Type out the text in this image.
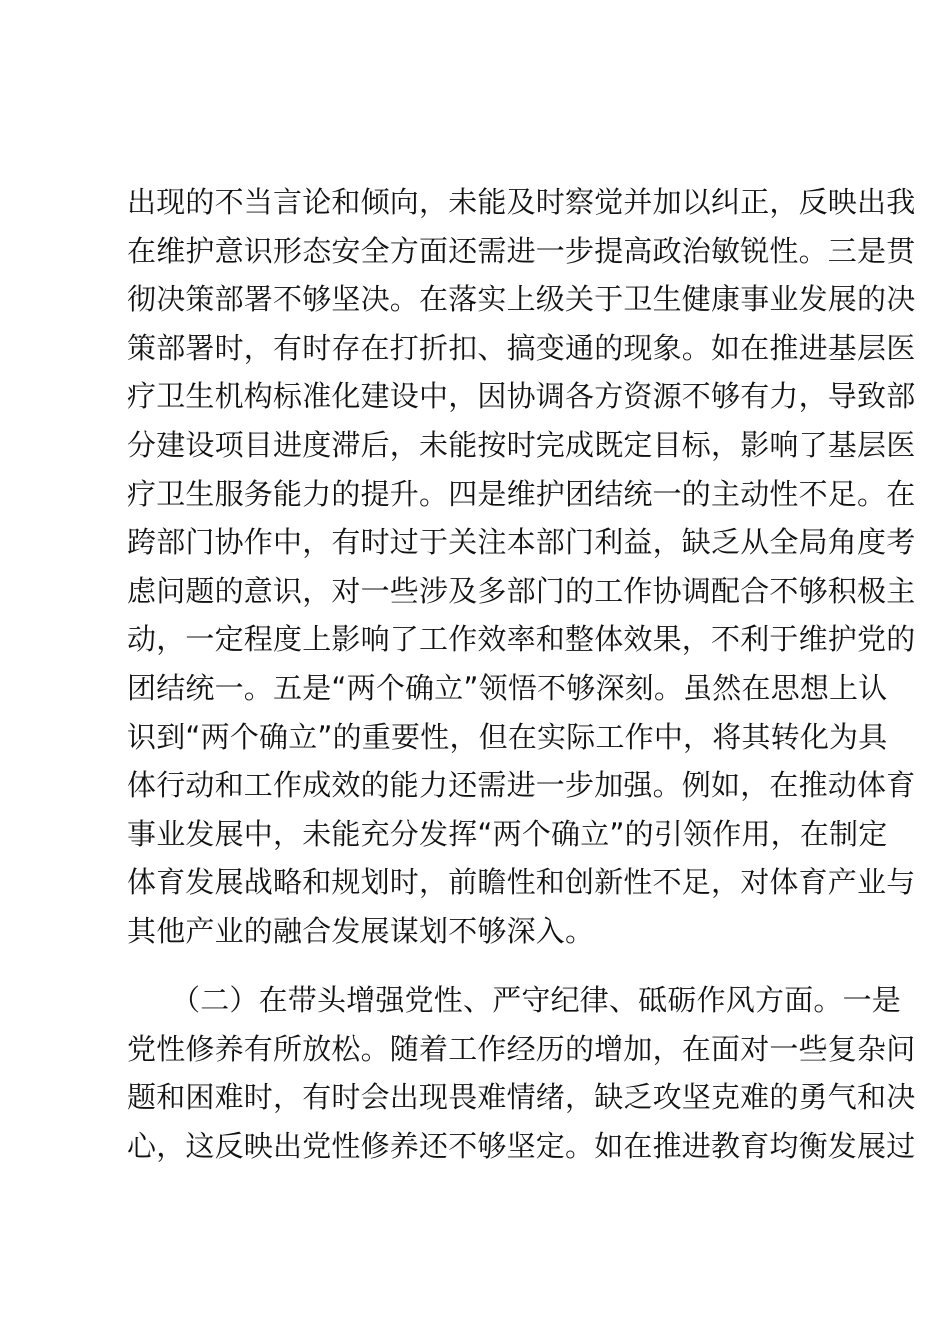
出现的不当言论和倾向，未能及时察觉并加以纠正，反映出我
在维护意识形态安全方面还需进一步提高政治敏锐性。三是贯
彻决策部署不够坚决。在落实上级关于卫生健康事业发展的决
策部署时，有时存在打折扣、搞变通的现象。如在推进基层医
疗卫生机构标准化建设中，因协调各方资源不够有力，导致部
分建设项目进度滞后，未能按时完成既定目标，影响了基层医
疗卫生服务能力的提升。四是维护团结统一的主动性不足。在
跨部门协作中，有时过于关注本部门利益，缺乏从全局角度考
虑问题的意识，对一些涉及多部门的工作协调配合不够积极主
动，一定程度上影响了工作效率和整体效果，不利于维护党的
团结统一。五是“两个确立”领悟不够深刻。虽然在思想上认
识到“两个确立”的重要性，但在实际工作中，将其转化为具
体行动和工作成效的能力还需进一步加强。例如，在推动体育
事业发展中，未能充分发挥“两个确立”的引领作用，在制定
体育发展战略和规划时，前瞻性和创新性不足，对体育产业与
其他产业的融合发展谋划不够深入。
（二）在带头增强党性、严守纪律、砥砺作风方面。一是
党性修养有所放松。随着工作经历的增加，在面对一些复杂问
题和困难时，有时会出现畏难情绪，缺乏攻坚克难的勇气和决
心，这反映出党性修养还不够坚定。如在推进教育均衡发展过
